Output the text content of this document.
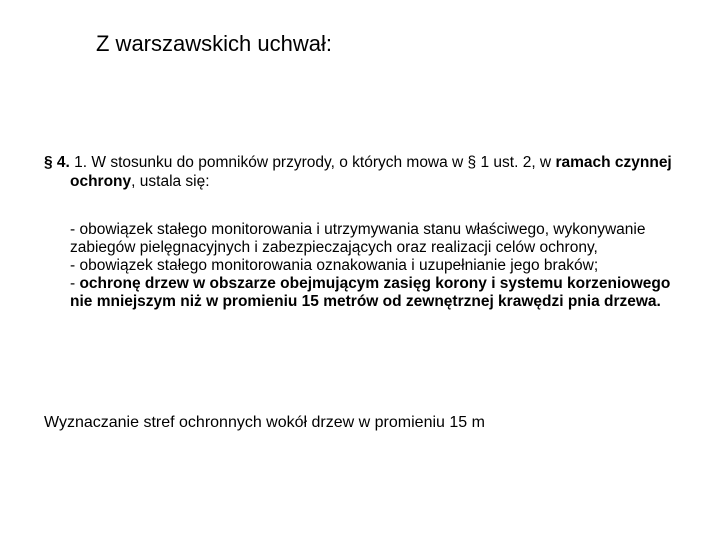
Z warszawskich uchwał:
§ 4. 1. W stosunku do pomników przyrody, o których mowa w § 1 ust. 2, w ramach czynnej ochrony, ustala się:

- obowiązek stałego monitorowania i utrzymywania stanu właściwego, wykonywanie zabiegów pielęgnacyjnych i zabezpieczających oraz realizacji celów ochrony,

- obowiązek stałego monitorowania oznakowania i uzupełnianie jego braków;

- ochronę drzew w obszarze obejmującym zasięg korony i systemu korzeniowego nie mniejszym niż w promieniu 15 metrów od zewnętrznej krawędzi pnia drzewa.

Wyznaczanie stref ochronnych wokół drzew w promieniu 15 m
